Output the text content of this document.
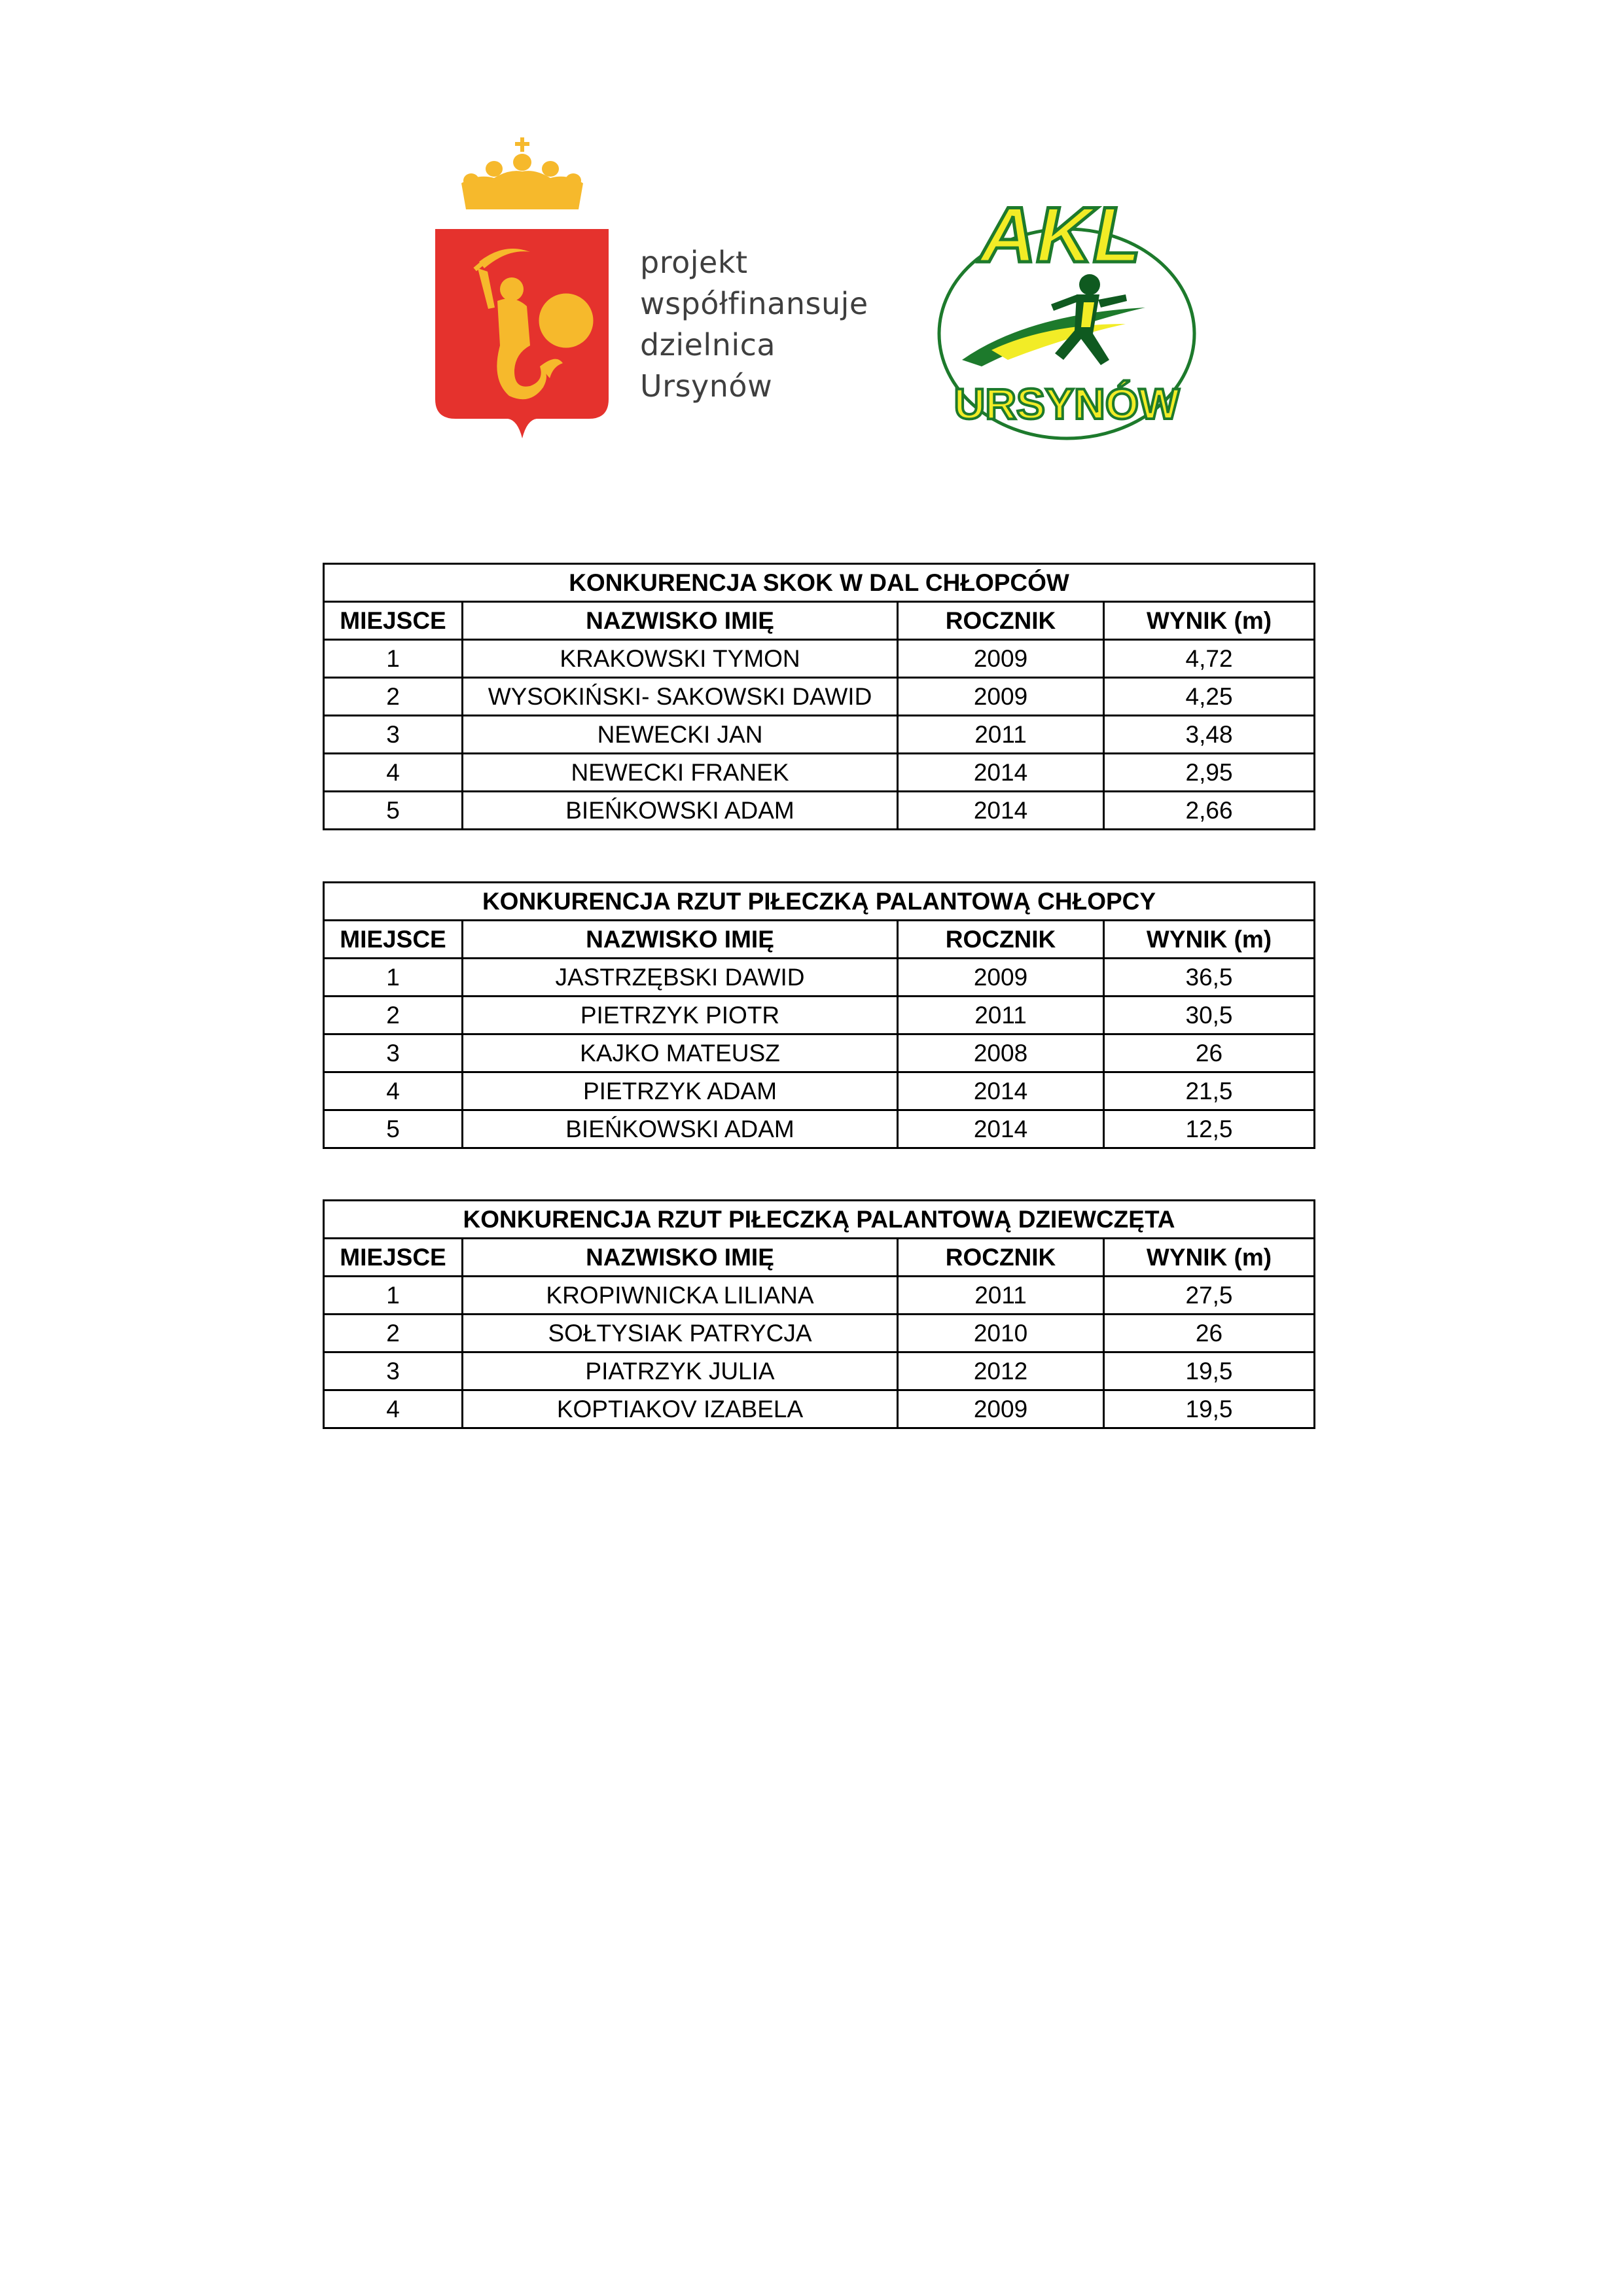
projekt
współfinansuje
dzielnica
Ursynów
AKL
URSYNÓW
KONKURENCJA SKOK W DAL CHŁOPCÓW			
MIEJSCE	NAZWISKO IMIĘ	ROCZNIK	WYNIK (m)
1	KRAKOWSKI TYMON	2009	4,72
2	WYSOKIŃSKI- SAKOWSKI DAWID	2009	4,25
3	NEWECKI JAN	2011	3,48
4	NEWECKI FRANEK	2014	2,95
5	BIEŃKOWSKI ADAM	2014	2,66
KONKURENCJA RZUT PIŁECZKĄ PALANTOWĄ CHŁOPCY			
MIEJSCE	NAZWISKO IMIĘ	ROCZNIK	WYNIK (m)
1	JASTRZĘBSKI DAWID	2009	36,5
2	PIETRZYK PIOTR	2011	30,5
3	KAJKO MATEUSZ	2008	26
4	PIETRZYK ADAM	2014	21,5
5	BIEŃKOWSKI ADAM	2014	12,5
KONKURENCJA RZUT PIŁECZKĄ PALANTOWĄ DZIEWCZĘTA			
MIEJSCE	NAZWISKO IMIĘ	ROCZNIK	WYNIK (m)
1	KROPIWNICKA LILIANA	2011	27,5
2	SOŁTYSIAK PATRYCJA	2010	26
3	PIATRZYK JULIA	2012	19,5
4	KOPTIAKOV IZABELA	2009	19,5
